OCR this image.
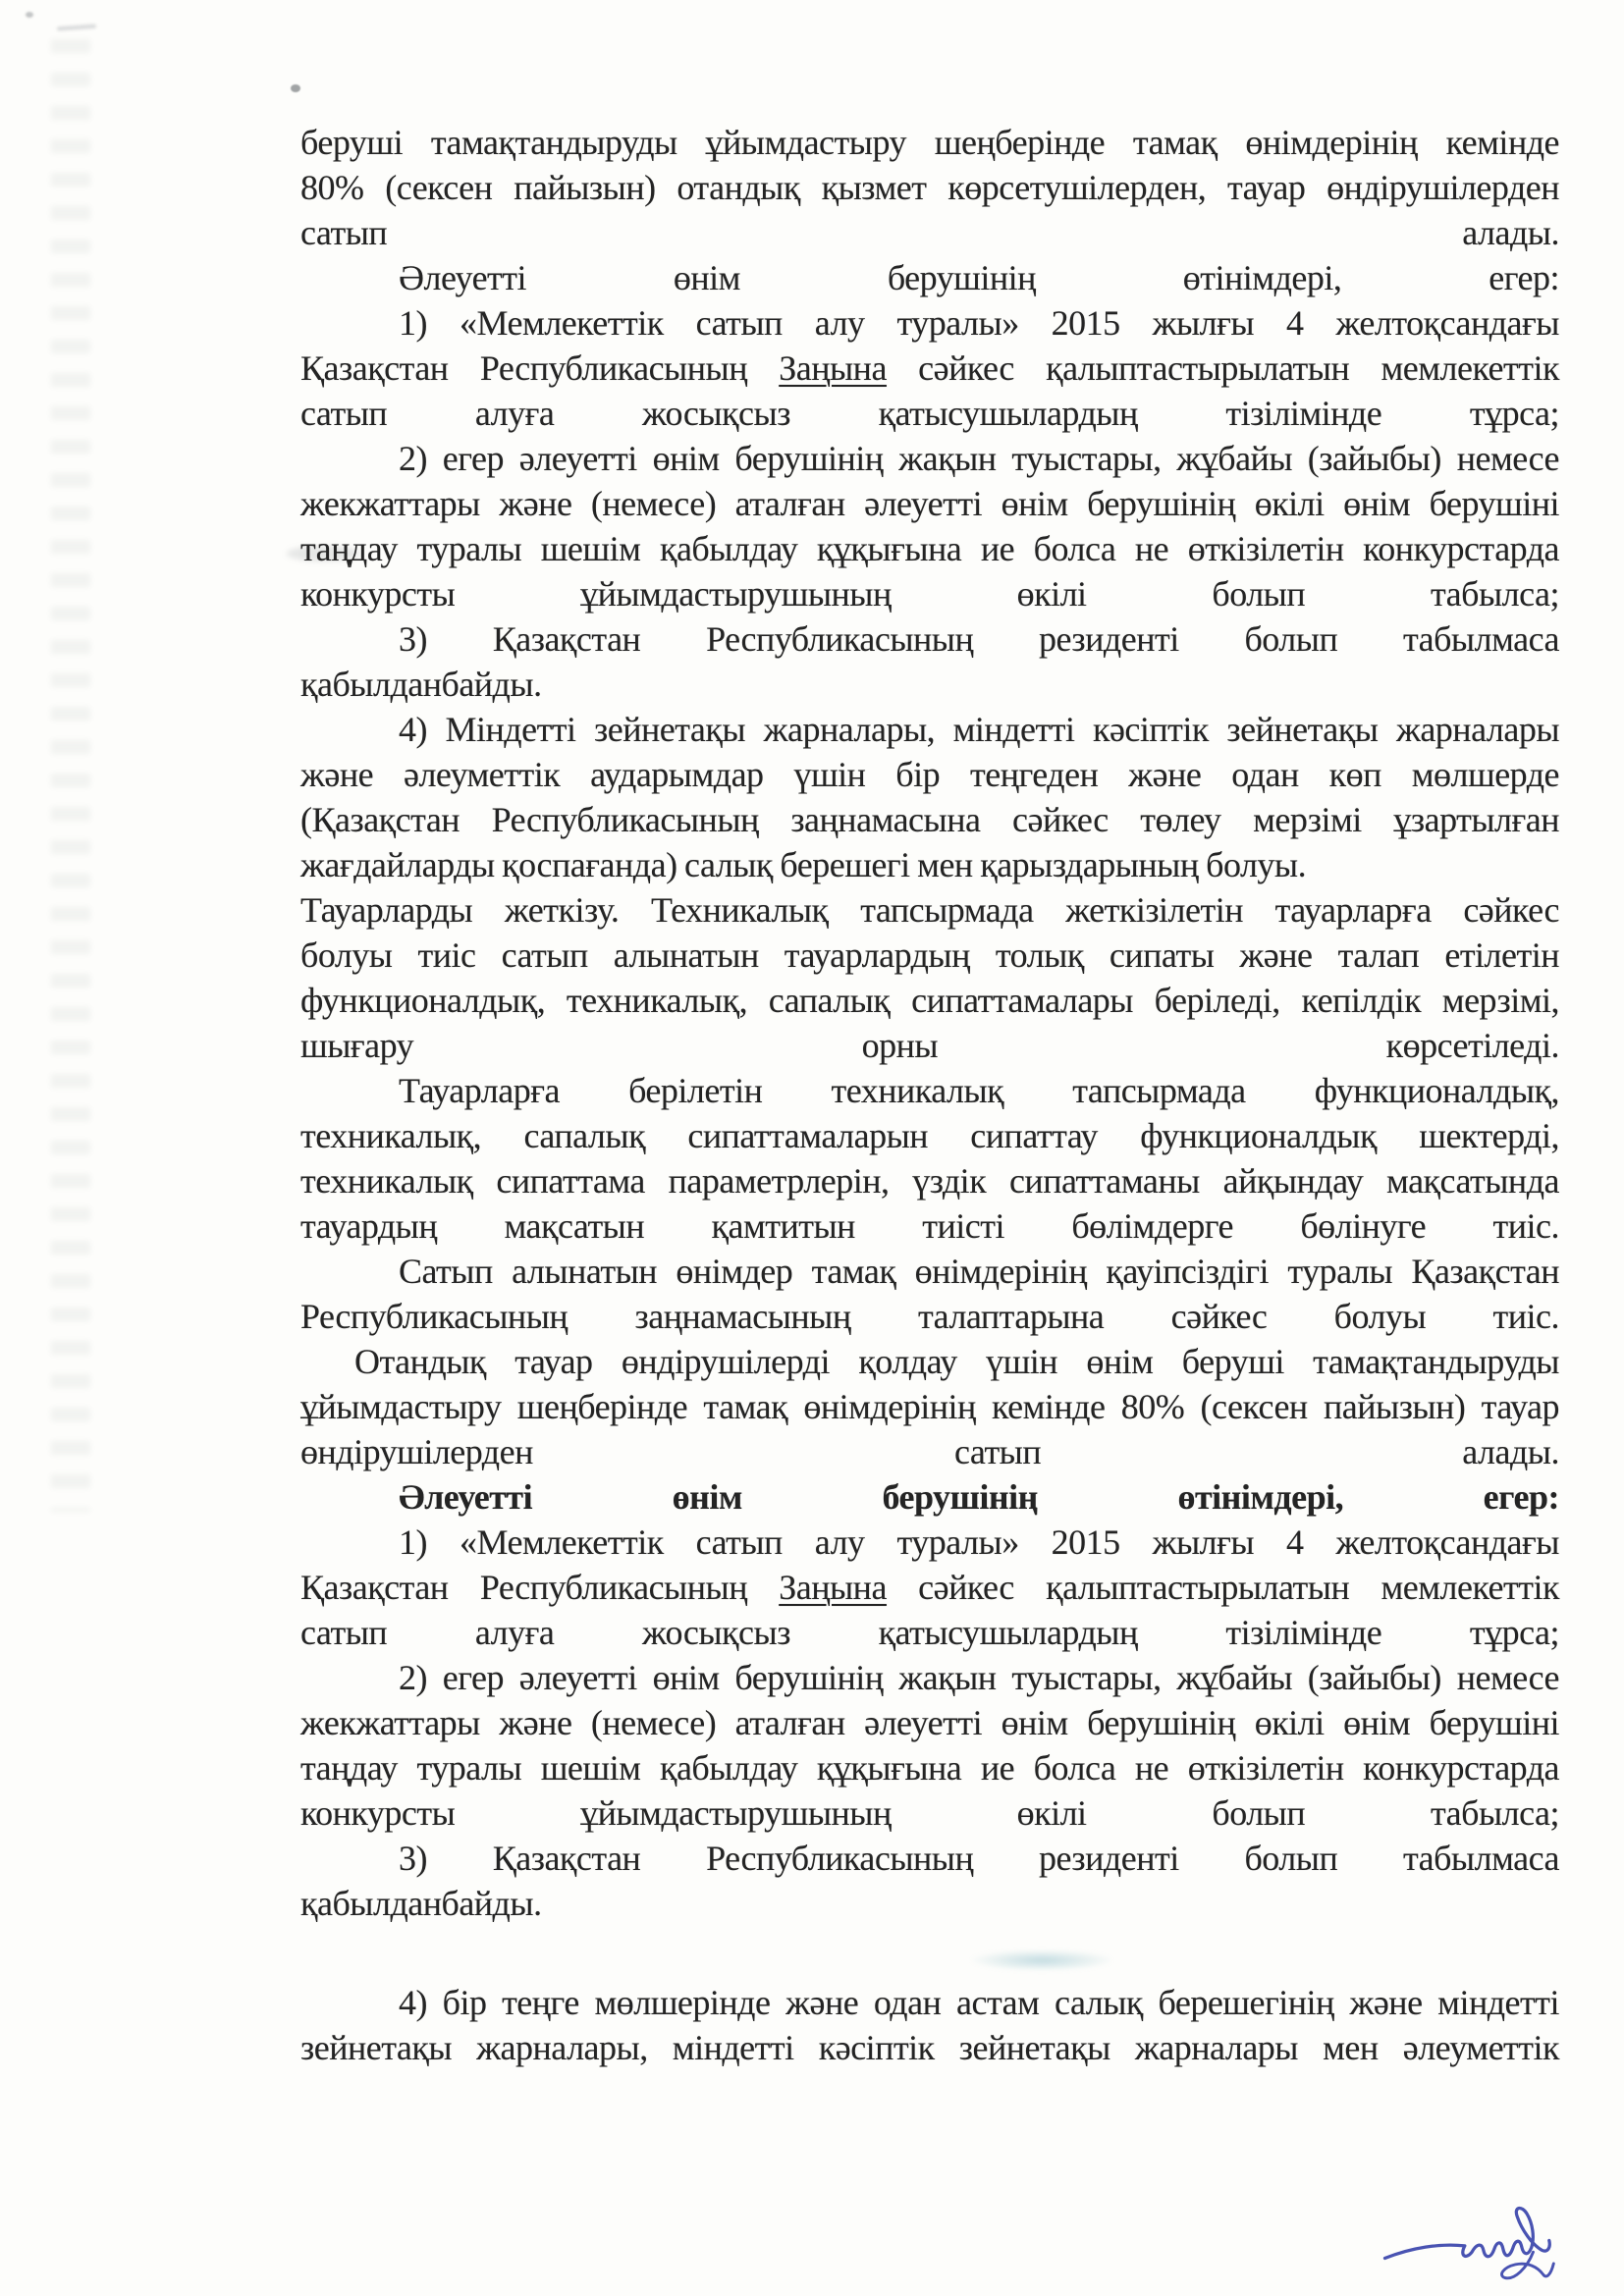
беруші тамақтандыруды ұйымдастыру шеңберінде тамақ өнімдерінің кемінде
80% (сексен пайызын) отандық қызмет көрсетушілерден, тауар өндірушілерден
сатып алады.
Әлеуетті өнім берушінің өтінімдері, егер:
1) «Мемлекеттік сатып алу туралы» 2015 жылғы 4 желтоқсандағы
Қазақстан Республикасының Заңына сәйкес қалыптастырылатын мемлекеттік
сатып алуға жосықсыз қатысушылардың тізілімінде тұрса;
2) егер әлеуетті өнім берушінің жақын туыстары, жұбайы (зайыбы) немесе
жекжаттары және (немесе) аталған әлеуетті өнім берушінің өкілі өнім берушіні
таңдау туралы шешім қабылдау құқығына ие болса не өткізілетін конкурстарда
конкурсты ұйымдастырушының өкілі болып табылса;
3) Қазақстан Республикасының резиденті болып табылмаса
қабылданбайды.
4) Міндетті зейнетақы жарналары, міндетті кәсіптік зейнетақы жарналары
және әлеуметтік аударымдар үшін бір теңгеден және одан көп мөлшерде
(Қазақстан Республикасының заңнамасына сәйкес төлеу мерзімі ұзартылған
жағдайларды қоспағанда) салық берешегі мен қарыздарының болуы.
Тауарларды жеткізу. Техникалық тапсырмада жеткізілетін тауарларға сәйкес
болуы тиіс сатып алынатын тауарлардың толық сипаты және талап етілетін
функционалдық, техникалық, сапалық сипаттамалары беріледі, кепілдік мерзімі,
шығару орны көрсетіледі.
Тауарларға берілетін техникалық тапсырмада функционалдық,
техникалық, сапалық сипаттамаларын сипаттау функционалдық шектерді,
техникалық сипаттама параметрлерін, үздік сипаттаманы айқындау мақсатында
тауардың мақсатын қамтитын тиісті бөлімдерге бөлінуге тиіс.
Сатып алынатын өнімдер тамақ өнімдерінің қауіпсіздігі туралы Қазақстан
Республикасының заңнамасының талаптарына сәйкес болуы тиіс.
Отандық тауар өндірушілерді қолдау үшін өнім беруші тамақтандыруды
ұйымдастыру шеңберінде тамақ өнімдерінің кемінде 80% (сексен пайызын) тауар
өндірушілерден сатып алады.
Әлеуетті өнім берушінің өтінімдері, егер:
1) «Мемлекеттік сатып алу туралы» 2015 жылғы 4 желтоқсандағы
Қазақстан Республикасының Заңына сәйкес қалыптастырылатын мемлекеттік
сатып алуға жосықсыз қатысушылардың тізілімінде тұрса;
2) егер әлеуетті өнім берушінің жақын туыстары, жұбайы (зайыбы) немесе
жекжаттары және (немесе) аталған әлеуетті өнім берушінің өкілі өнім берушіні
таңдау туралы шешім қабылдау құқығына ие болса не өткізілетін конкурстарда
конкурсты ұйымдастырушының өкілі болып табылса;
3) Қазақстан Республикасының резиденті болып табылмаса
қабылданбайды.
4) бір теңге мөлшерінде және одан астам салық берешегінің және міндетті
зейнетақы жарналары, міндетті кәсіптік зейнетақы жарналары мен әлеуметтік
